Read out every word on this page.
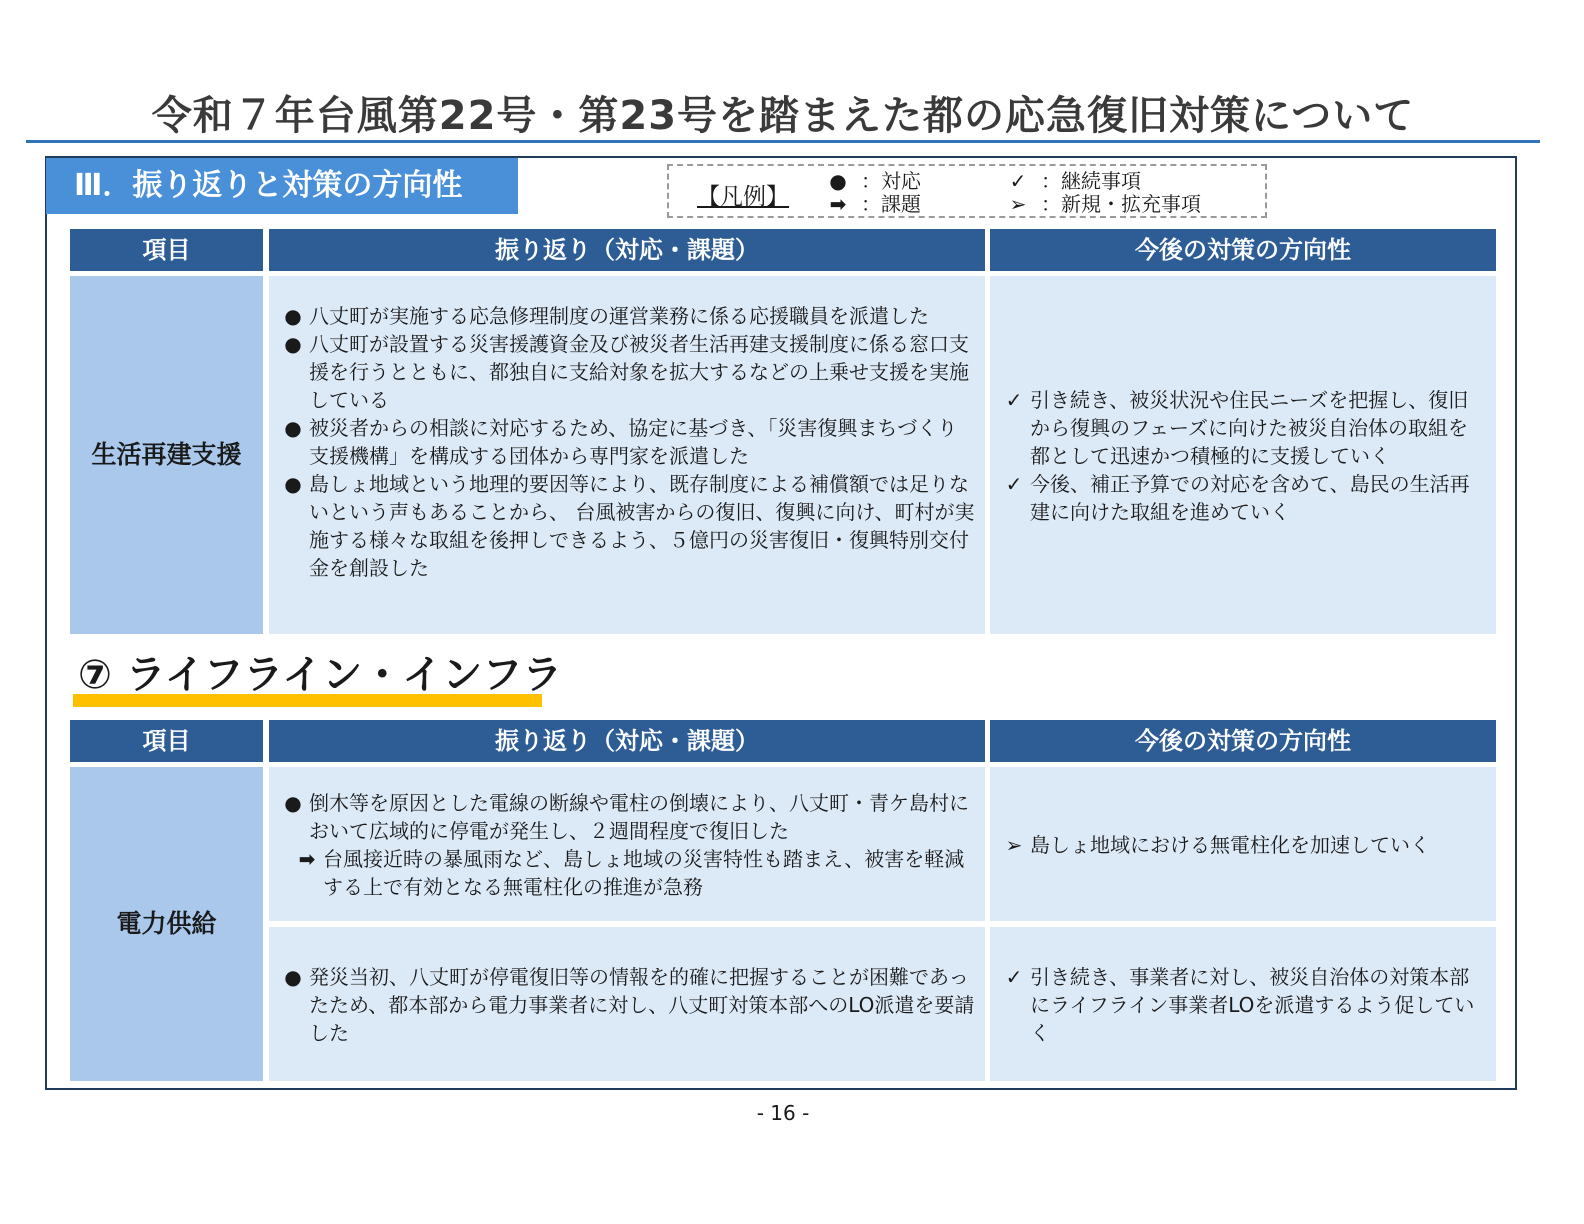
令和７年台風第22号・第23号を踏まえた都の応急復旧対策について
Ⅲ．振り返りと対策の方向性	【凡例】
● ：対応
➡ ：課題
✓ ：継続事項
➢ ：新規・拡充事項
項目	振り返り（対応・課題）	今後の対策の方向性
生活再建支援
● 八丈町が実施する応急修理制度の運営業務に係る応援職員を派遣した
● 八丈町が設置する災害援護資金及び被災者生活再建支援制度に係る窓口支援を行うとともに、都独自に支給対象を拡大するなどの上乗せ支援を実施している
● 被災者からの相談に対応するため、協定に基づき、「災害復興まちづくり支援機構」を構成する団体から専門家を派遣した
● 島しょ地域という地理的要因等により、既存制度による補償額では足りないという声もあることから、 台風被害からの復旧、復興に向け、町村が実施する様々な取組を後押しできるよう、５億円の災害復旧・復興特別交付金を創設した
✓ 引き続き、被災状況や住民ニーズを把握し、復旧から復興のフェーズに向けた被災自治体の取組を都として迅速かつ積極的に支援していく
✓ 今後、補正予算での対応を含めて、島民の生活再建に向けた取組を進めていく
⑦ ライフライン・インフラ
項目	振り返り（対応・課題）	今後の対策の方向性
電力供給
● 倒木等を原因とした電線の断線や電柱の倒壊により、八丈町・青ケ島村において広域的に停電が発生し、２週間程度で復旧した
➡ 台風接近時の暴風雨など、島しょ地域の災害特性も踏まえ、被害を軽減する上で有効となる無電柱化の推進が急務
➢ 島しょ地域における無電柱化を加速していく
● 発災当初、八丈町が停電復旧等の情報を的確に把握することが困難であったため、都本部から電力事業者に対し、八丈町対策本部へのLO派遣を要請した
✓ 引き続き、事業者に対し、被災自治体の対策本部にライフライン事業者LOを派遣するよう促していく
- 16 -
